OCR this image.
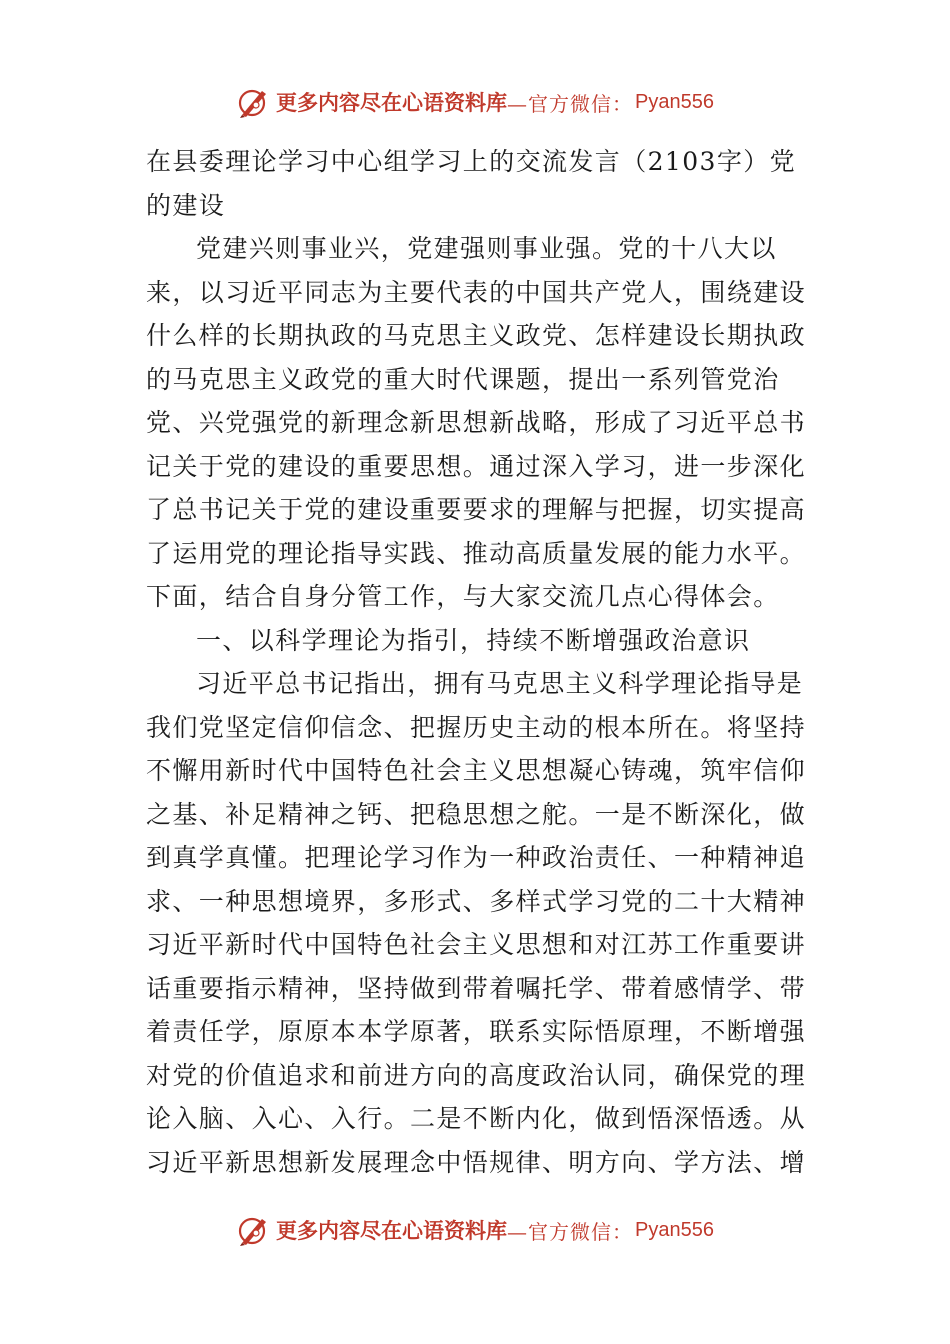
更多内容尽在心语资料库 —官方微信： Pyan556

在县委理论学习中心组学习上的交流发言（2103字）党的建设

党建兴则事业兴，党建强则事业强。党的十八大以来，以习近平同志为主要代表的中国共产党人，围绕建设什么样的长期执政的马克思主义政党、怎样建设长期执政的马克思主义政党的重大时代课题，提出一系列管党治党、兴党强党的新理念新思想新战略，形成了习近平总书记关于党的建设的重要思想。通过深入学习，进一步深化了总书记关于党的建设重要要求的理解与把握，切实提高了运用党的理论指导实践、推动高质量发展的能力水平。下面，结合自身分管工作，与大家交流几点心得体会。

一、以科学理论为指引，持续不断增强政治意识

习近平总书记指出，拥有马克思主义科学理论指导是我们党坚定信仰信念、把握历史主动的根本所在。将坚持不懈用新时代中国特色社会主义思想凝心铸魂，筑牢信仰之基、补足精神之钙、把稳思想之舵。一是不断深化，做到真学真懂。把理论学习作为一种政治责任、一种精神追求、一种思想境界，多形式、多样式学习党的二十大精神习近平新时代中国特色社会主义思想和对江苏工作重要讲话重要指示精神，坚持做到带着嘱托学、带着感情学、带着责任学，原原本本学原著，联系实际悟原理，不断增强对党的价值追求和前进方向的高度政治认同，确保党的理论入脑、入心、入行。二是不断内化，做到悟深悟透。从习近平新思想新发展理念中悟规律、明方向、学方法、增

更多内容尽在心语资料库 —官方微信： Pyan556
